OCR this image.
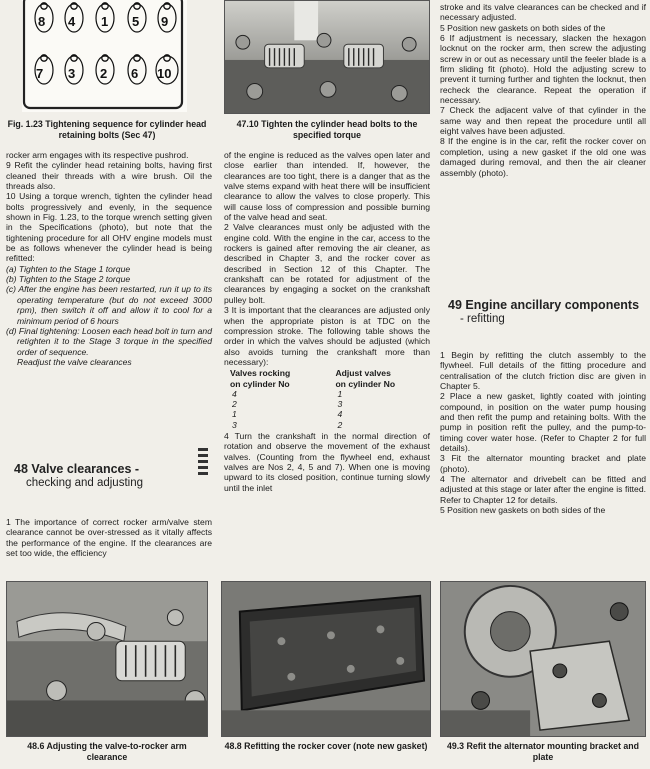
8 4 1 5 9
7 3 2 6 10
Fig. 1.23 Tightening sequence for cylinder head retaining bolts (Sec 47)
47.10 Tighten the cylinder head bolts to the specified torque

rocker arm engages with its respective pushrod.

9 Refit the cylinder head retaining bolts, having first cleaned their threads with a wire brush. Oil the threads also.

10 Using a torque wrench, tighten the cylinder head bolts progressively and evenly, in the sequence shown in Fig. 1.23, to the torque wrench setting given in the Specifications (photo), but note that the tightening procedure for all OHV engine models must be as follows whenever the cylinder head is being refitted:

(a) Tighten to the Stage 1 torque

(b) Tighten to the Stage 2 torque

(c) After the engine has been restarted, run it up to its operating temperature (but do not exceed 3000 rpm), then switch it off and allow it to cool for a minimum period of 6 hours

(d) Final tightening: Loosen each head bolt in turn and retighten it to the Stage 3 torque in the specified order of sequence.

Readjust the valve clearances

48 Valve clearances -
checking and adjusting

1 The importance of correct rocker arm/valve stem clearance cannot be over-stressed as it vitally affects the performance of the engine. If the clearances are set too wide, the efficiency

of the engine is reduced as the valves open later and close earlier than intended. If, however, the clearances are too tight, there is a danger that as the valve stems expand with heat there will be insufficient clearance to allow the valves to close properly. This will cause loss of compression and possible burning of the valve head and seat.

2 Valve clearances must only be adjusted with the engine cold. With the engine in the car, access to the rockers is gained after removing the air cleaner, as described in Chapter 3, and the rocker cover as described in Section 12 of this Chapter. The crankshaft can be rotated for adjustment of the clearances by engaging a socket on the crankshaft pulley bolt.

3 It is important that the clearances are adjusted only when the appropriate piston is at TDC on the compression stroke. The following table shows the order in which the valves should be adjusted (which also avoids turning the crankshaft more than necessary):

Valves rocking
on cylinder No	Adjust valves
on cylinder No
4	1
2	3
1	4
3	2

4 Turn the crankshaft in the normal direction of rotation and observe the movement of the exhaust valves. (Counting from the flywheel end, exhaust valves are Nos 2, 4, 5 and 7). When one is moving upward to its closed position, continue turning slowly until the inlet

stroke and its valve clearances can be checked and if necessary adjusted.

5 Position new gaskets on both sides of the

6 If adjustment is necessary, slacken the hexagon locknut on the rocker arm, then screw the adjusting screw in or out as necessary until the feeler blade is a firm sliding fit (photo). Hold the adjusting screw to prevent it turning further and tighten the locknut, then recheck the clearance. Repeat the operation if necessary.

7 Check the adjacent valve of that cylinder in the same way and then repeat the procedure until all eight valves have been adjusted.

8 If the engine is in the car, refit the rocker cover on completion, using a new gasket if the old one was damaged during removal, and then the air cleaner assembly (photo).

49 Engine ancillary components
- refitting

1 Begin by refitting the clutch assembly to the flywheel. Full details of the fitting procedure and centralisation of the clutch friction disc are given in Chapter 5.

2 Place a new gasket, lightly coated with jointing compound, in position on the water pump housing and then refit the pump and retaining bolts. With the pump in position refit the pulley, and the pump-to-timing cover water hose. (Refer to Chapter 2 for full details).

3 Fit the alternator mounting bracket and plate (photo).

4 The alternator and drivebelt can be fitted and adjusted at this stage or later after the engine is fitted. Refer to Chapter 12 for details.

5 Position new gaskets on both sides of the

48.6 Adjusting the valve-to-rocker arm clearance
48.8 Refitting the rocker cover (note new gasket)	49.3 Refit the alternator mounting bracket and plate
